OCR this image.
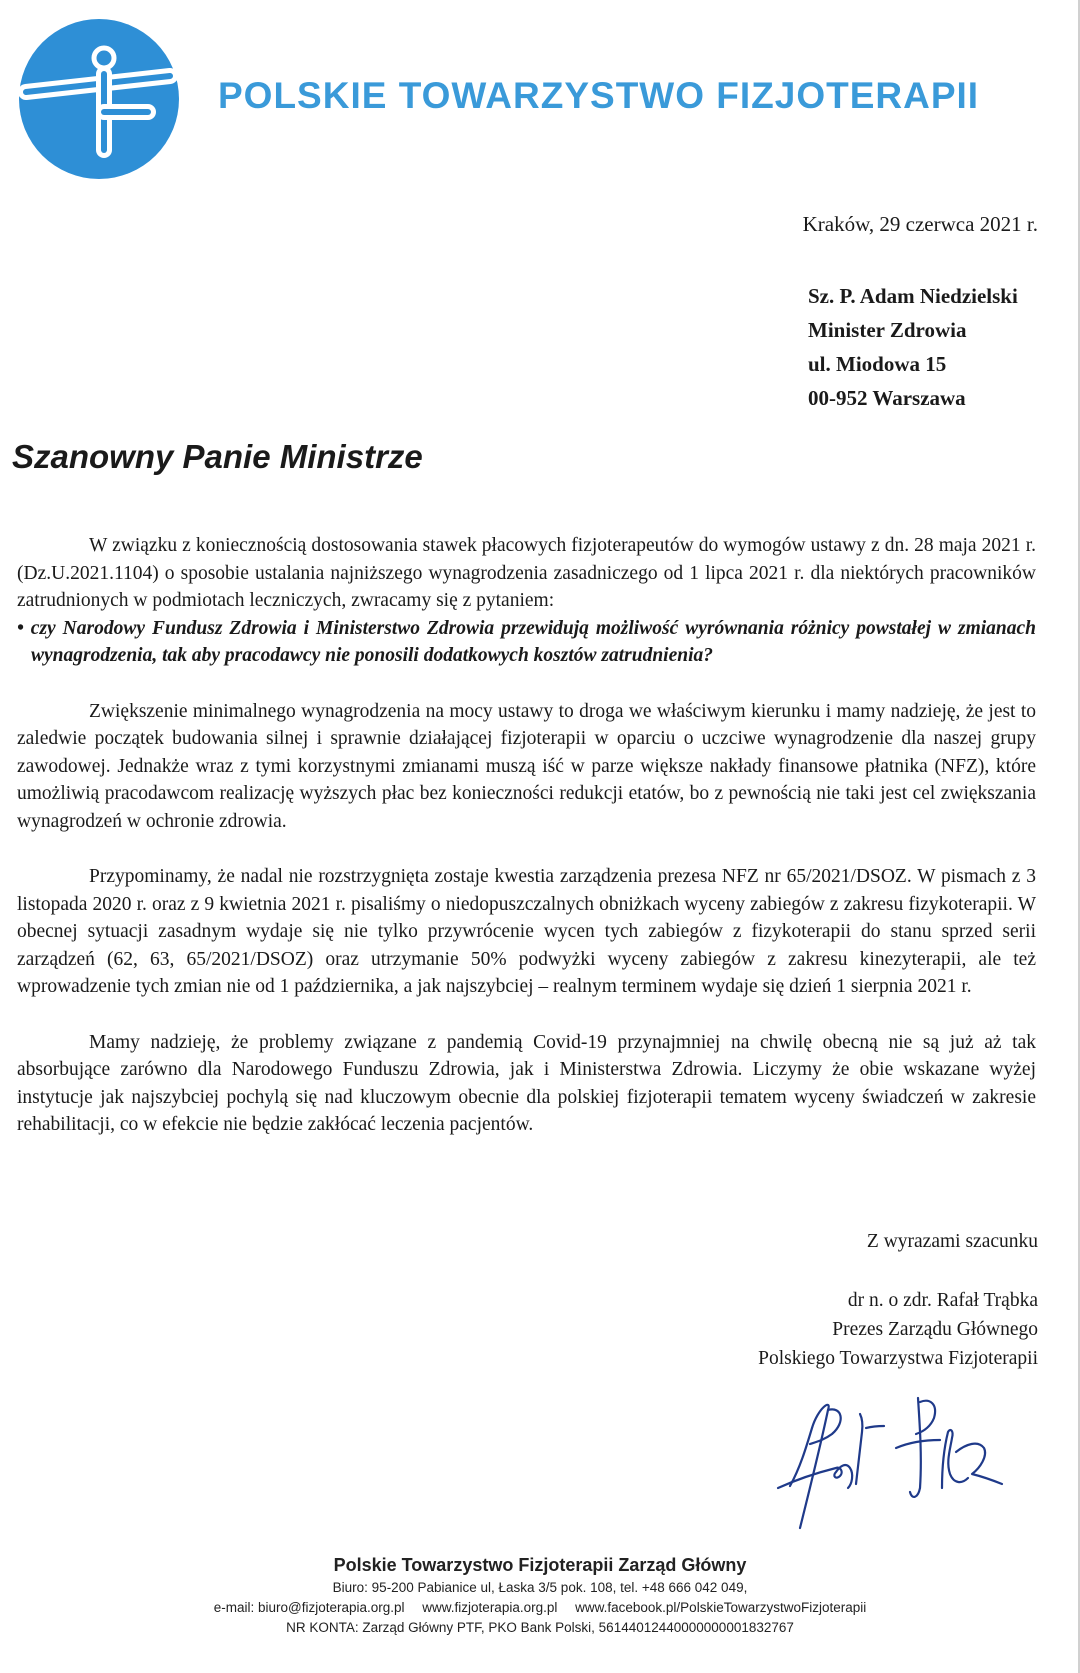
POLSKIE TOWARZYSTWO FIZJOTERAPII
Kraków, 29 czerwca 2021 r.
Sz. P. Adam Niedzielski
Minister Zdrowia
ul. Miodowa 15
00-952 Warszawa
Szanowny Panie Ministrze

W związku z koniecznością dostosowania stawek płacowych fizjoterapeutów do wymogów ustawy z dn. 28 maja 2021 r. (Dz.U.2021.1104) o sposobie ustalania najniższego wynagrodzenia zasadniczego od 1 lipca 2021 r. dla niektórych pracowników zatrudnionych w podmiotach leczniczych, zwracamy się z pytaniem:

• czy Narodowy Fundusz Zdrowia i Ministerstwo Zdrowia przewidują możliwość wyrównania różnicy powstałej w zmianach wynagrodzenia, tak aby pracodawcy nie ponosili dodatkowych kosztów zatrudnienia?

Zwiększenie minimalnego wynagrodzenia na mocy ustawy to droga we właściwym kierunku i mamy nadzieję, że jest to zaledwie początek budowania silnej i sprawnie działającej fizjoterapii w oparciu o uczciwe wynagrodzenie dla naszej grupy zawodowej. Jednakże wraz z tymi korzystnymi zmianami muszą iść w parze większe nakłady finansowe płatnika (NFZ), które umożliwią pracodawcom realizację wyższych płac bez konieczności redukcji etatów, bo z pewnością nie taki jest cel zwiększania wynagrodzeń w ochronie zdrowia.

Przypominamy, że nadal nie rozstrzygnięta zostaje kwestia zarządzenia prezesa NFZ nr 65/2021/DSOZ. W pismach z 3 listopada 2020 r. oraz z 9 kwietnia 2021 r. pisaliśmy o niedopuszczalnych obniżkach wyceny zabiegów z zakresu fizykoterapii. W obecnej sytuacji zasadnym wydaje się nie tylko przywrócenie wycen tych zabiegów z fizykoterapii do stanu sprzed serii zarządzeń (62, 63, 65/2021/DSOZ) oraz utrzymanie 50% podwyżki wyceny zabiegów z zakresu kinezyterapii, ale też wprowadzenie tych zmian nie od 1 października, a jak najszybciej – realnym terminem wydaje się dzień 1 sierpnia 2021 r.

Mamy nadzieję, że problemy związane z pandemią Covid-19 przynajmniej na chwilę obecną nie są już aż tak absorbujące zarówno dla Narodowego Funduszu Zdrowia, jak i Ministerstwa Zdrowia. Liczymy że obie wskazane wyżej instytucje jak najszybciej pochylą się nad kluczowym obecnie dla polskiej fizjoterapii tematem wyceny świadczeń w zakresie rehabilitacji, co w efekcie nie będzie zakłócać leczenia pacjentów.

Z wyrazami szacunku
dr n. o zdr. Rafał Trąbka
Prezes Zarządu Głównego
Polskiego Towarzystwa Fizjoterapii
Polskie Towarzystwo Fizjoterapii Zarząd Główny
Biuro: 95-200 Pabianice ul, Łaska 3/5 pok. 108, tel. +48 666 042 049,
e-mail: biuro@fizjoterapia.org.pl www.fizjoterapia.org.pl www.facebook.pl/PolskieTowarzystwoFizjoterapii
NR KONTA: Zarząd Główny PTF, PKO Bank Polski, 56144012440000000001832767
